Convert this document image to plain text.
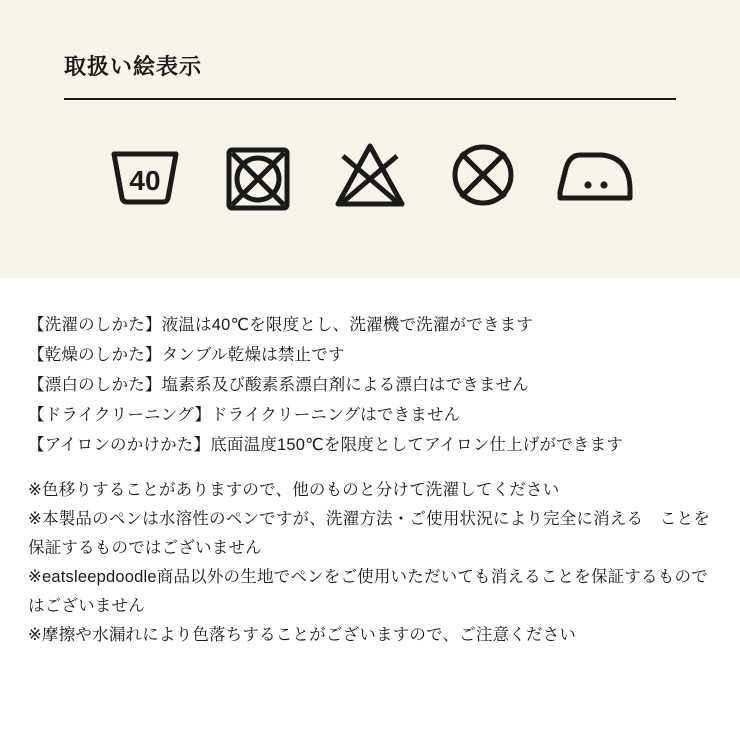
取扱い絵表示
40
【洗濯のしかた】液温は40℃を限度とし、洗濯機で洗濯ができます
【乾燥のしかた】タンブル乾燥は禁止です
【漂白のしかた】塩素系及び酸素系漂白剤による漂白はできません
【ドライクリーニング】ドライクリーニングはできません
【アイロンのかけかた】底面温度150℃を限度としてアイロン仕上げができます
※色移りすることがありますので、他のものと分けて洗濯してください
※本製品のペンは水溶性のペンですが、洗濯方法・ご使用状況により完全に消える　ことを保証するものではございません
※eatsleepdoodle商品以外の生地でペンをご使用いただいても消えることを保証するものではございません
※摩擦や水漏れにより色落ちすることがございますので、ご注意ください
